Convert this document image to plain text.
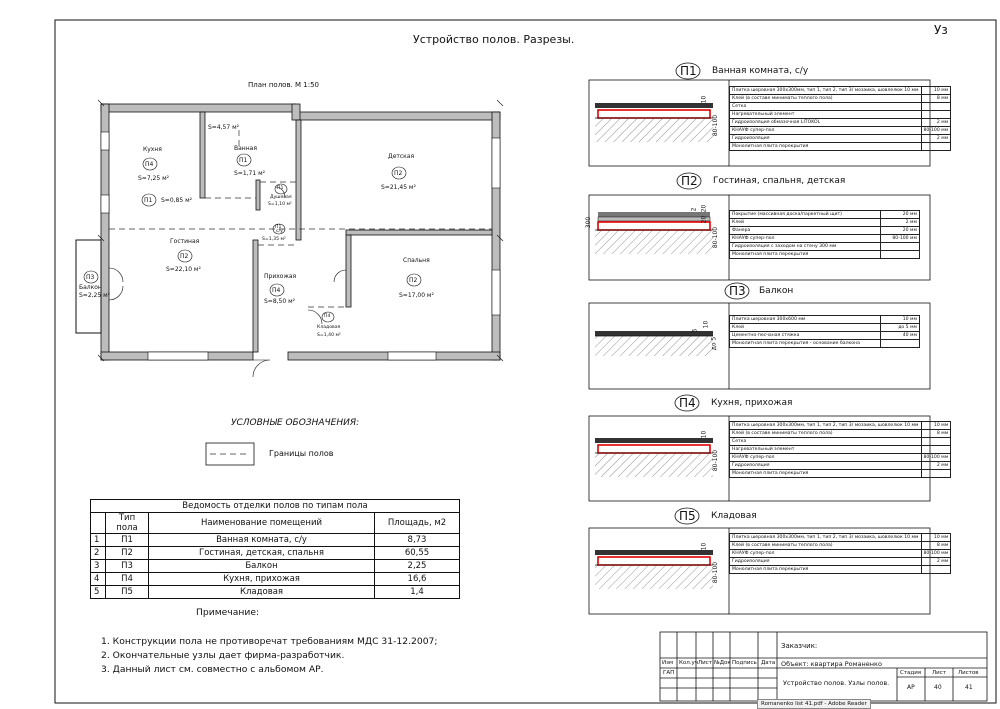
Устройство полов. Разрезы.
Уз
План полов. М 1:50
Кухня
П4
S=7,25 м²
Ванная
П1
S=1,71 м²
S=4,57 м²
П1
Душевая
S=1,10 м²
Детская
П2
S=21,45 м²
П1 S=0,85 м²
П1
с/у
S=1,35 м²
Гостиная
П2
S=22,10 м²
П3
Балкон
S=2,25 м²
Прихожая
П4
S=8,50 м²
Спальня
П2
S=17,00 м²
П4
Кладовая
S=1,40 м²
УСЛОВНЫЕ ОБОЗНАЧЕНИЯ:
Границы полов
Ведомость отделки полов по типам пола			
	Тип пола	Наименование помещений	Площадь, м2
1	П1	Ванная комната, с/у	8,73
2	П2	Гостиная, детская, спальня	60,55
3	П3	Балкон	2,25
4	П4	Кухня, прихожая	16,6
5	П5	Кладовая	1,4
Примечание:
1. Конструкции пола не противоречат требованиям МДС 31-12.2007;
2. Окончательные узлы дает фирма-разработчик.
3. Данный лист см. совместно с альбомом АР.
П1 Ванная комната, с/у
П2 Гостиная, спальня, детская
П3 Балкон
П4 Кухня, прихожая
П5 Кладовая
10
80-100
2 20
20
300
80-100
10
5
до 5
10
80-100
10
80-100
Плитка шеровная 300х300мм, тип 1, тип 2, тип 3/ мозаика, шовлелюк 10 мм	10 мм
Клей (в составе миниматы теплого пола)	8 мм
Сетка	
Нагревательный элемент	
Гидроизоляция обмазочная LITOKOL	2 мм
КНАУФ супер-пол	80-100 мм
Гидроизоляция	2 мм
Монолитная плита перекрытия	
Покрытие (массивная доска/паркетный щит)	20 мм
Клей	2 мм
Фанера	20 мм
КНАУФ супер-пол	80-100 мм
Гидроизоляция с заходом на стену 300 мм	
Монолитная плита перекрытия	
Плитка шеровная 300х600 мм	10 мм
Клей	до 5 мм
Цементно-песчаная стяжка	40 мм
Монолитная плита перекрытия - основание балкона	
Плитка шеровная 300х300мм, тип 1, тип 2, тип 3/ мозаика, шовлелюк 10 мм	10 мм
Клей (в составе миниматы теплого пола)	8 мм
Сетка	
Нагревательный элемент	
КНАУФ супер-пол	80-100 мм
Гидроизоляция	2 мм
Монолитная плита перекрытия	
Плитка шеровная 300х300мм, тип 1, тип 2, тип 3/ мозаика, шовлелюк 10 мм	10 мм
Клей (в составе миниматы теплого пола)	8 мм
КНАУФ супер-пол	80-100 мм
Гидроизоляция	2 мм
Монолитная плита перекрытия	
Заказчик:
Объект: квартира Романенко
Изм Кол.уч Лист №Док Подпись Дата
ГАП
Устройство полов. Узлы полов.
Стадия Лист Листов
АР	40	41
Romanenko list 41.pdf - Adobe Reader
